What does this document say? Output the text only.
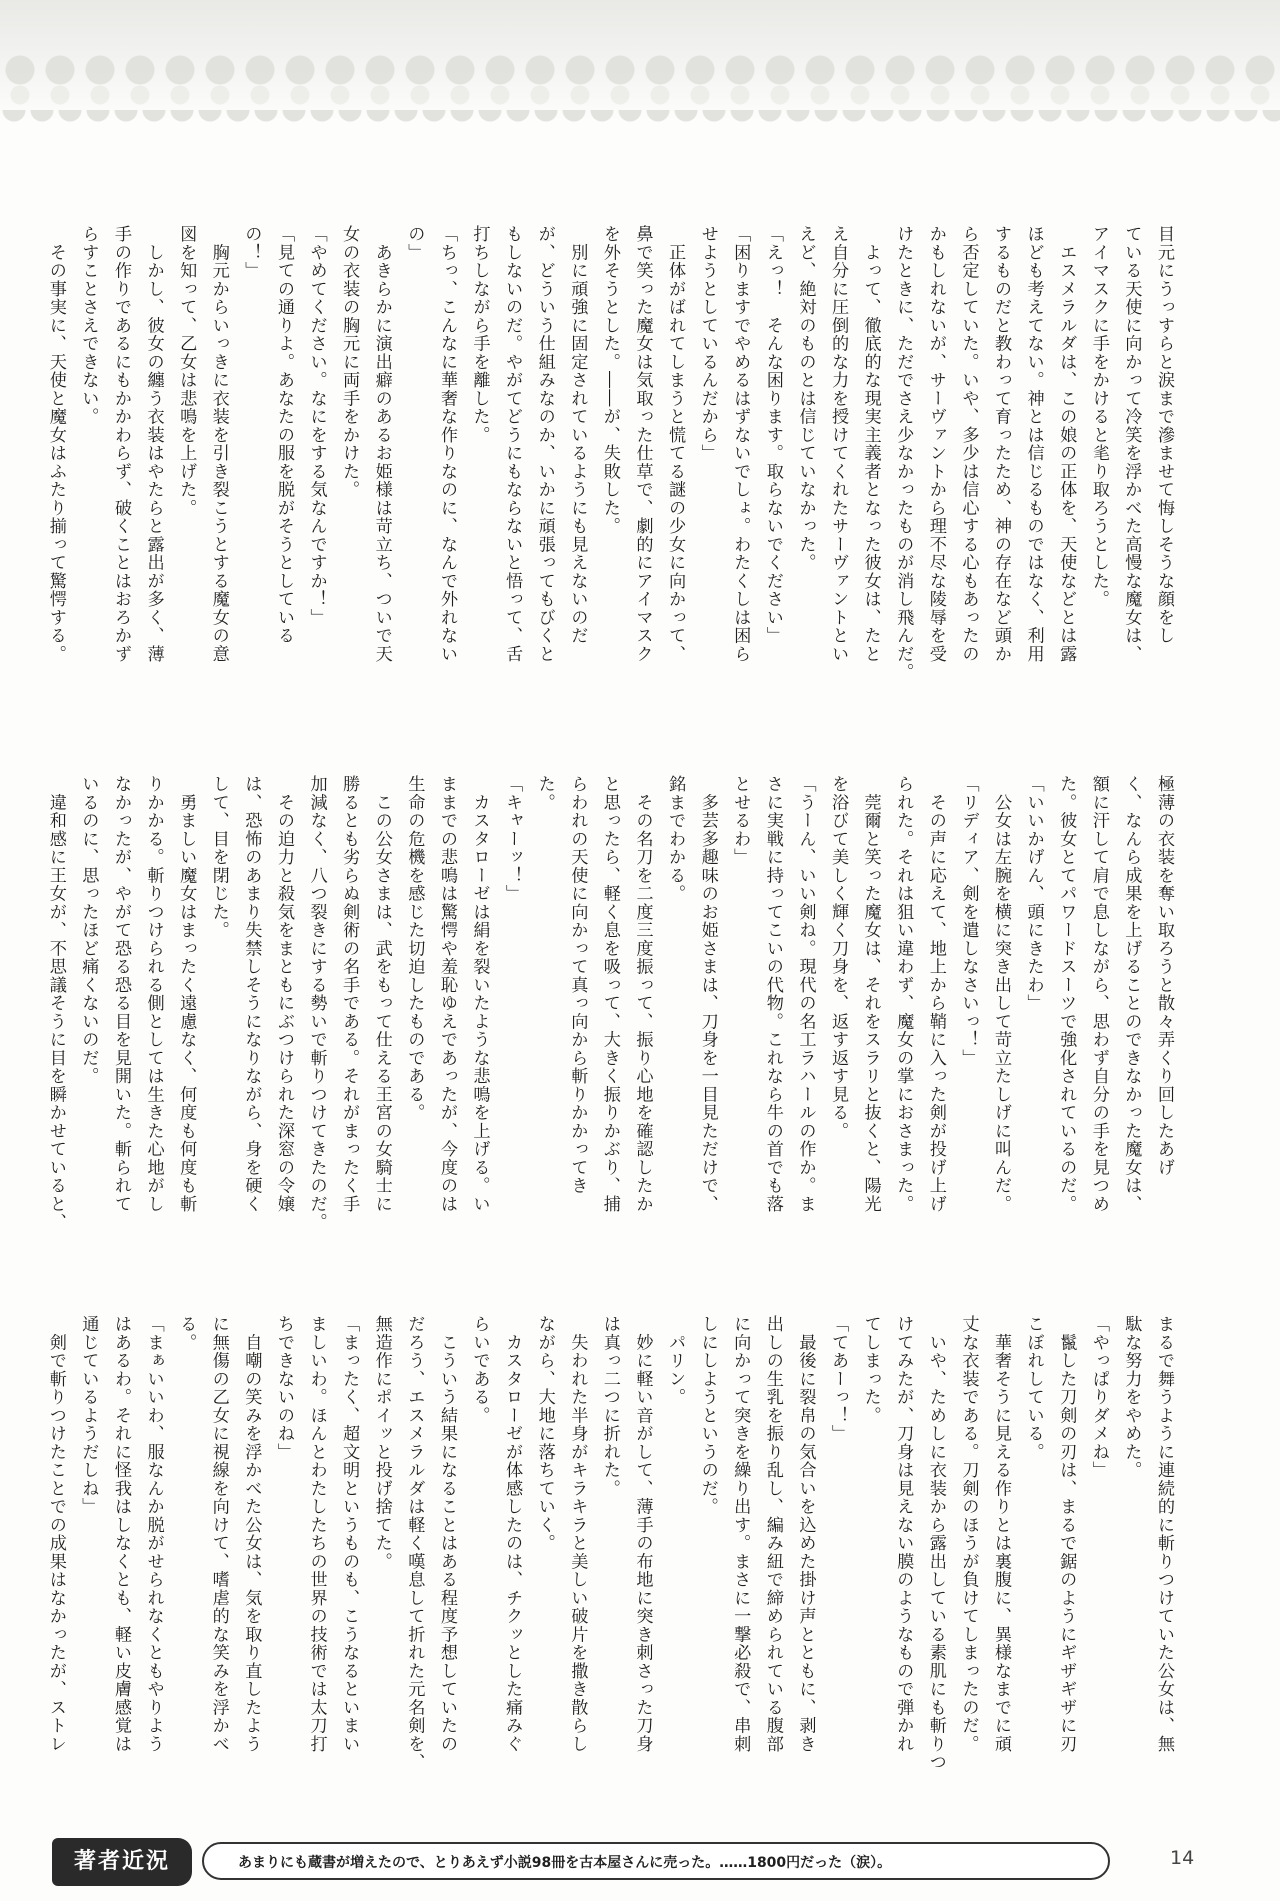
目元にうっすらと涙まで滲ませて悔しそうな顔をし
ている天使に向かって冷笑を浮かべた高慢な魔女は、
アイマスクに手をかけると毟り取ろうとした。
　エスメラルダは、この娘の正体を、天使などとは露
ほども考えてない。神とは信じるものではなく、利用
するものだと教わって育ったため、神の存在など頭か
ら否定していた。いや、多少は信心する心もあったの
かもしれないが、サーヴァントから理不尽な陵辱を受
けたときに、ただでさえ少なかったものが消し飛んだ。
　よって、徹底的な現実主義者となった彼女は、たと
え自分に圧倒的な力を授けてくれたサーヴァントとい
えど、絶対のものとは信じていなかった。
「えっ！　そんな困ります。取らないでください」
「困りますでやめるはずないでしょ。わたくしは困ら
せようとしているんだから」
　正体がばれてしまうと慌てる謎の少女に向かって、
鼻で笑った魔女は気取った仕草で、劇的にアイマスク
を外そうとした。――が、失敗した。
　別に頑強に固定されているようにも見えないのだ
が、どういう仕組みなのか、いかに頑張ってもびくと
もしないのだ。やがてどうにもならないと悟って、舌
打ちしながら手を離した。
「ちっ、こんなに華奢な作りなのに、なんで外れない
の」
　あきらかに演出癖のあるお姫様は苛立ち、ついで天
女の衣装の胸元に両手をかけた。
「やめてください。なにをする気なんですか！」
「見ての通りよ。あなたの服を脱がそうとしている
の！」
　胸元からいっきに衣装を引き裂こうとする魔女の意
図を知って、乙女は悲鳴を上げた。
　しかし、彼女の纏う衣装はやたらと露出が多く、薄
手の作りであるにもかかわらず、破くことはおろかず
らすことさえできない。
　その事実に、天使と魔女はふたり揃って驚愕する。
極薄の衣装を奪い取ろうと散々弄くり回したあげ
く、なんら成果を上げることのできなかった魔女は、
額に汗して肩で息しながら、思わず自分の手を見つめ
た。彼女とてパワードスーツで強化されているのだ。
「いいかげん、頭にきたわ」
　公女は左腕を横に突き出して苛立たしげに叫んだ。
「リディア、剣を遣しなさいっ！」
　その声に応えて、地上から鞘に入った剣が投げ上げ
られた。それは狙い違わず、魔女の掌におさまった。
　莞爾と笑った魔女は、それをスラリと抜くと、陽光
を浴びて美しく輝く刀身を、返す返す見る。
「うーん、いい剣ね。現代の名工ラハールの作か。ま
さに実戦に持ってこいの代物。これなら牛の首でも落
とせるわ」
　多芸多趣味のお姫さまは、刀身を一目見ただけで、
銘までわかる。
　その名刀を二度三度振って、振り心地を確認したか
と思ったら、軽く息を吸って、大きく振りかぶり、捕
らわれの天使に向かって真っ向から斬りかかってき
た。
「キャーッ！」
　カスタローゼは絹を裂いたような悲鳴を上げる。い
ままでの悲鳴は驚愕や羞恥ゆえであったが、今度のは
生命の危機を感じた切迫したものである。
　この公女さまは、武をもって仕える王宮の女騎士に
勝るとも劣らぬ剣術の名手である。それがまったく手
加減なく、八つ裂きにする勢いで斬りつけてきたのだ。
　その迫力と殺気をまともにぶつけられた深窓の令嬢
は、恐怖のあまり失禁しそうになりながら、身を硬く
して、目を閉じた。
　勇ましい魔女はまったく遠慮なく、何度も何度も斬
りかかる。斬りつけられる側としては生きた心地がし
なかったが、やがて恐る恐る目を見開いた。斬られて
いるのに、思ったほど痛くないのだ。
　違和感に王女が、不思議そうに目を瞬かせていると、
まるで舞うように連続的に斬りつけていた公女は、無
駄な努力をやめた。
「やっぱりダメね」
　鬣した刀剣の刃は、まるで鋸のようにギザギザに刃
こぼれしている。
　華奢そうに見える作りとは裏腹に、異様なまでに頑
丈な衣装である。刀剣のほうが負けてしまったのだ。
　いや、ためしに衣装から露出している素肌にも斬りつ
けてみたが、刀身は見えない膜のようなもので弾かれ
てしまった。
「てあーっ！」
　最後に裂帛の気合いを込めた掛け声とともに、剥き
出しの生乳を振り乱し、編み紐で締められている腹部
に向かって突きを繰り出す。まさに一撃必殺で、串刺
しにしようというのだ。
　パリン。
　妙に軽い音がして、薄手の布地に突き刺さった刀身
は真っ二つに折れた。
　失われた半身がキラキラと美しい破片を撒き散らし
ながら、大地に落ちていく。
　カスタローゼが体感したのは、チクッとした痛みぐ
らいである。
　こういう結果になることはある程度予想していたの
だろう、エスメラルダは軽く嘆息して折れた元名剣を、
無造作にポイッと投げ捨てた。
「まったく、超文明というものも、こうなるといまい
ましいわ。ほんとわたしたちの世界の技術では太刀打
ちできないのね」
　自嘲の笑みを浮かべた公女は、気を取り直したよう
に無傷の乙女に視線を向けて、嗜虐的な笑みを浮かべ
る。
「まぁいいわ、服なんか脱がせられなくともやりよう
はあるわ。それに怪我はしなくとも、軽い皮膚感覚は
通じているようだしね」
　剣で斬りつけたことでの成果はなかったが、ストレ
著者近況	あまりにも蔵書が増えたので、とりあえず小説98冊を古本屋さんに売った。……1800円だった（涙）。	14
